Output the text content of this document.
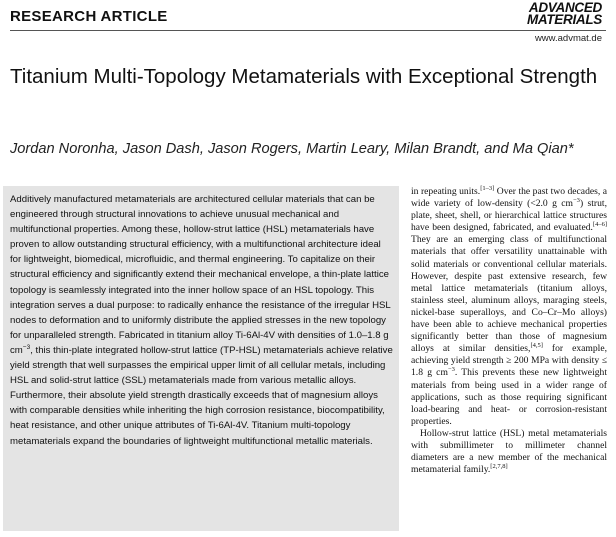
RESEARCH ARTICLE
ADVANCED
MATERIALS
www.advmat.de
Titanium Multi-Topology Metamaterials with Exceptional Strength
Jordan Noronha, Jason Dash, Jason Rogers, Martin Leary, Milan Brandt, and Ma Qian*

Additively manufactured metamaterials are architectured cellular materials that can be engineered through structural innovations to achieve unusual mechanical and multifunctional properties. Among these, hollow-strut lattice (HSL) metamaterials have proven to allow outstanding structural efficiency, with a multifunctional architecture ideal for lightweight, biomedical, microfluidic, and thermal engineering. To capitalize on their structural efficiency and significantly extend their mechanical envelope, a thin-plate lattice topology is seamlessly integrated into the inner hollow space of an HSL topology. This integration serves a dual purpose: to radically enhance the resistance of the irregular HSL nodes to deformation and to uniformly distribute the applied stresses in the new topology for unparalleled strength. Fabricated in titanium alloy Ti-6Al-4V with densities of 1.0–1.8 g $cm^{-3}$, this thin-plate integrated hollow-strut lattice (TP-HSL) metamaterials achieve relative yield strength that well surpasses the empirical upper limit of all cellular metals, including HSL and solid-strut lattice (SSL) metamaterials made from various metallic alloys. Furthermore, their absolute yield strength drastically exceeds that of magnesium alloys with comparable densities while inheriting the high corrosion resistance, biocompatibility, heat resistance, and other unique attributes of Ti-6Al-4V. Titanium multi-topology metamaterials expand the boundaries of lightweight multifunctional metallic materials.

in repeating units.[1–3] Over the past two decades, a wide variety of low-density (<2.0 g $cm^{-3}$) strut, plate, sheet, shell, or hierarchical lattice structures have been designed, fabricated, and evaluated.[4–6] They are an emerging class of multifunctional materials that offer versatility unattainable with solid materials or conventional cellular materials. However, despite past extensive research, few metal lattice metamaterials (titanium alloys, stainless steel, aluminum alloys, maraging steels, nickel-base superalloys, and Co–Cr–Mo alloys) have been able to achieve mechanical properties significantly better than those of magnesium alloys at similar densities,[4,5] for example, achieving yield strength ≥ 200 MPa with density ≤ 1.8 g $cm^{-3}$. This prevents these new lightweight materials from being used in a wider range of applications, such as those requiring significant load-bearing and heat- or corrosion-resistant properties.

Hollow-strut lattice (HSL) metal metamaterials with submillimeter to millimeter channel diameters are a new member of the mechanical metamaterial family.[2,7,8]
